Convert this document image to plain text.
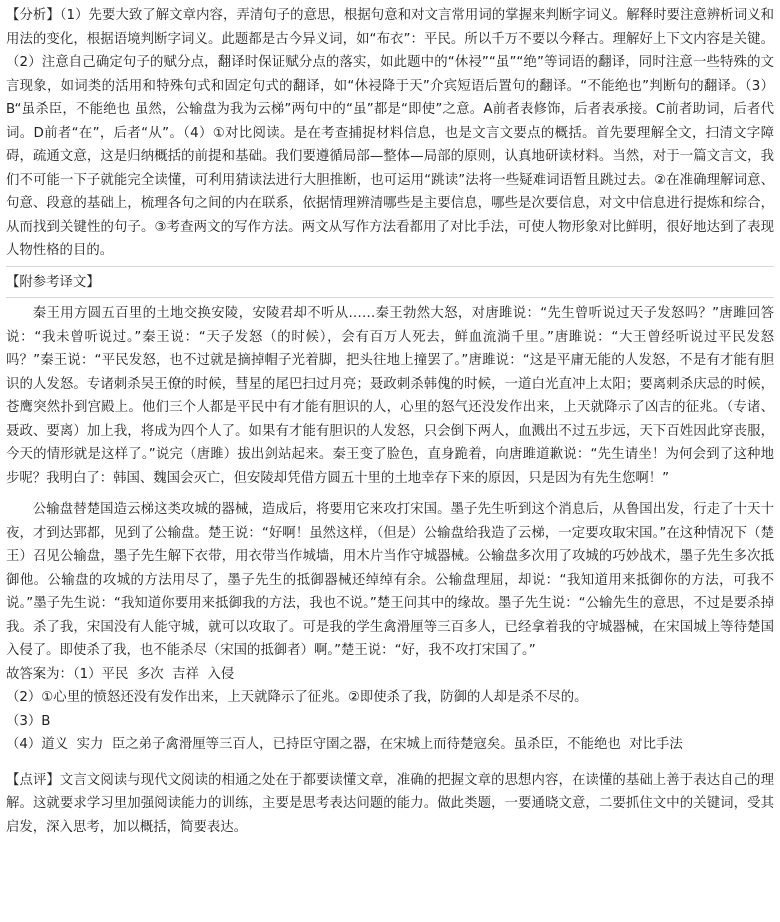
【分析】（1）先要大致了解文章内容，弄清句子的意思，根据句意和对文言常用词的掌握来判断字词义。解释时要注意辨析词义和用法的变化，根据语境判断字词义。此题都是古今异义词，如“布衣”：平民。所以千万不要以今释古。理解好上下文内容是关键。（2）注意自己确定句子的赋分点，翻译时保证赋分点的落实，如此题中的“休祲”“虽”“绝”等词语的翻译，同时注意一些特殊的文言现象，如词类的活用和特殊句式和固定句式的翻译，如“休祲降于天”介宾短语后置句的翻译。“不能绝也”判断句的翻译。（3）B“虽杀臣，不能绝也 虽然，公输盘为我为云梯”两句中的“虽”都是“即使”之意。A前者表修饰，后者表承接。C前者助词，后者代词。D前者“在”，后者“从”。（4）①对比阅读。是在考查捕捉材料信息，也是文言文要点的概括。首先要理解全文，扫清文字障碍，疏通文意，这是归纳概括的前提和基础。我们要遵循局部—整体—局部的原则，认真地研读材料。当然，对于一篇文言文，我们不可能一下子就能完全读懂，可利用猜读法进行大胆推断，也可运用“跳读”法将一些疑难词语暂且跳过去。②在准确理解词意、句意、段意的基础上，梳理各句之间的内在联系，依据情理辨清哪些是主要信息，哪些是次要信息，对文中信息进行提炼和综合，从而找到关键性的句子。③考查两文的写作方法。两文从写作方法看都用了对比手法，可使人物形象对比鲜明，很好地达到了表现人物性格的目的。

【附参考译文】

秦王用方圆五百里的土地交换安陵，安陵君却不听从……秦王勃然大怒，对唐雎说：“先生曾听说过天子发怒吗？”唐雎回答说：“我未曾听说过。”秦王说：“天子发怒（的时候），会有百万人死去，鲜血流淌千里。”唐雎说：“大王曾经听说过平民发怒吗？”秦王说：“平民发怒，也不过就是摘掉帽子光着脚，把头往地上撞罢了。”唐雎说：“这是平庸无能的人发怒，不是有才能有胆识的人发怒。专诸刺杀吴王僚的时候，彗星的尾巴扫过月亮；聂政刺杀韩傀的时候，一道白光直冲上太阳；要离刺杀庆忌的时候，苍鹰突然扑到宫殿上。他们三个人都是平民中有才能有胆识的人，心里的怒气还没发作出来，上天就降示了凶吉的征兆。（专诸、聂政、要离）加上我，将成为四个人了。如果有才能有胆识的人发怒，只会倒下两人，血溅出不过五步远，天下百姓因此穿丧服，今天的情形就是这样了。”说完（唐雎）拔出剑站起来。秦王变了脸色，直身跪着，向唐雎道歉说：“先生请坐！为何会到了这种地步呢？我明白了：韩国、魏国会灭亡，但安陵却凭借方圆五十里的土地幸存下来的原因，只是因为有先生您啊！”

公输盘替楚国造云梯这类攻城的器械，造成后，将要用它来攻打宋国。墨子先生听到这个消息后，从鲁国出发，行走了十天十夜，才到达郢都，见到了公输盘。楚王说：“好啊！虽然这样，（但是）公输盘给我造了云梯，一定要攻取宋国。”在这种情况下（楚王）召见公输盘，墨子先生解下衣带，用衣带当作城墙，用木片当作守城器械。公输盘多次用了攻城的巧妙战术，墨子先生多次抵御他。公输盘的攻城的方法用尽了，墨子先生的抵御器械还绰绰有余。公输盘理屈，却说：“我知道用来抵御你的方法，可我不说。”墨子先生说：“我知道你要用来抵御我的方法，我也不说。”楚王问其中的缘故。墨子先生说：“公输先生的意思，不过是要杀掉我。杀了我，宋国没有人能守城，就可以攻取了。可是我的学生禽滑厘等三百多人，已经拿着我的守城器械，在宋国城上等待楚国入侵了。即使杀了我，也不能杀尽（宋国的抵御者）啊。”楚王说：“好，我不攻打宋国了。”

故答案为：（1）平民  多次  吉祥  入侵

（2）①心里的愤怒还没有发作出来，上天就降示了征兆。②即使杀了我，防御的人却是杀不尽的。

（3）B

（4）道义  实力  臣之弟子禽滑厘等三百人，已持臣守圉之器，在宋城上而待楚寇矣。虽杀臣，不能绝也  对比手法

【点评】文言文阅读与现代文阅读的相通之处在于都要读懂文章，准确的把握文章的思想内容，在读懂的基础上善于表达自己的理解。这就要求学习里加强阅读能力的训练，主要是思考表达问题的能力。做此类题，一要通晓文意，二要抓住文中的关键词，受其启发，深入思考，加以概括，简要表达。
